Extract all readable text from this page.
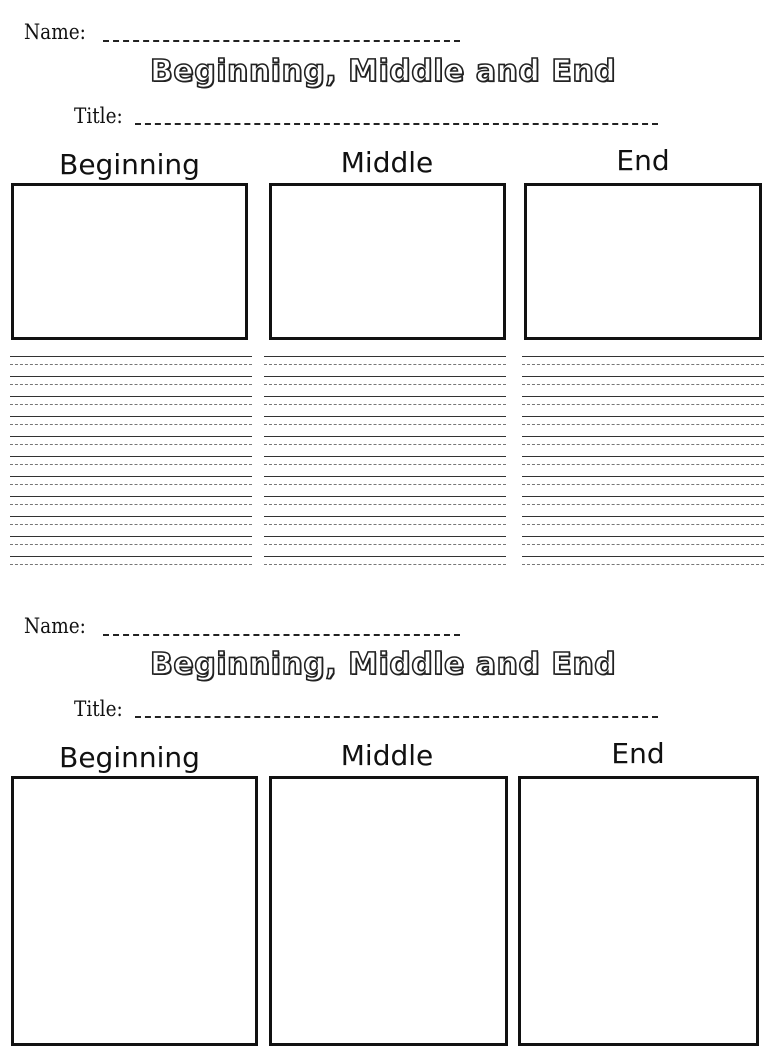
Name:
Beginning, Middle and End
Title:
Beginning	Middle	End
Name:
Beginning, Middle and End
Title:
Beginning	Middle	End
